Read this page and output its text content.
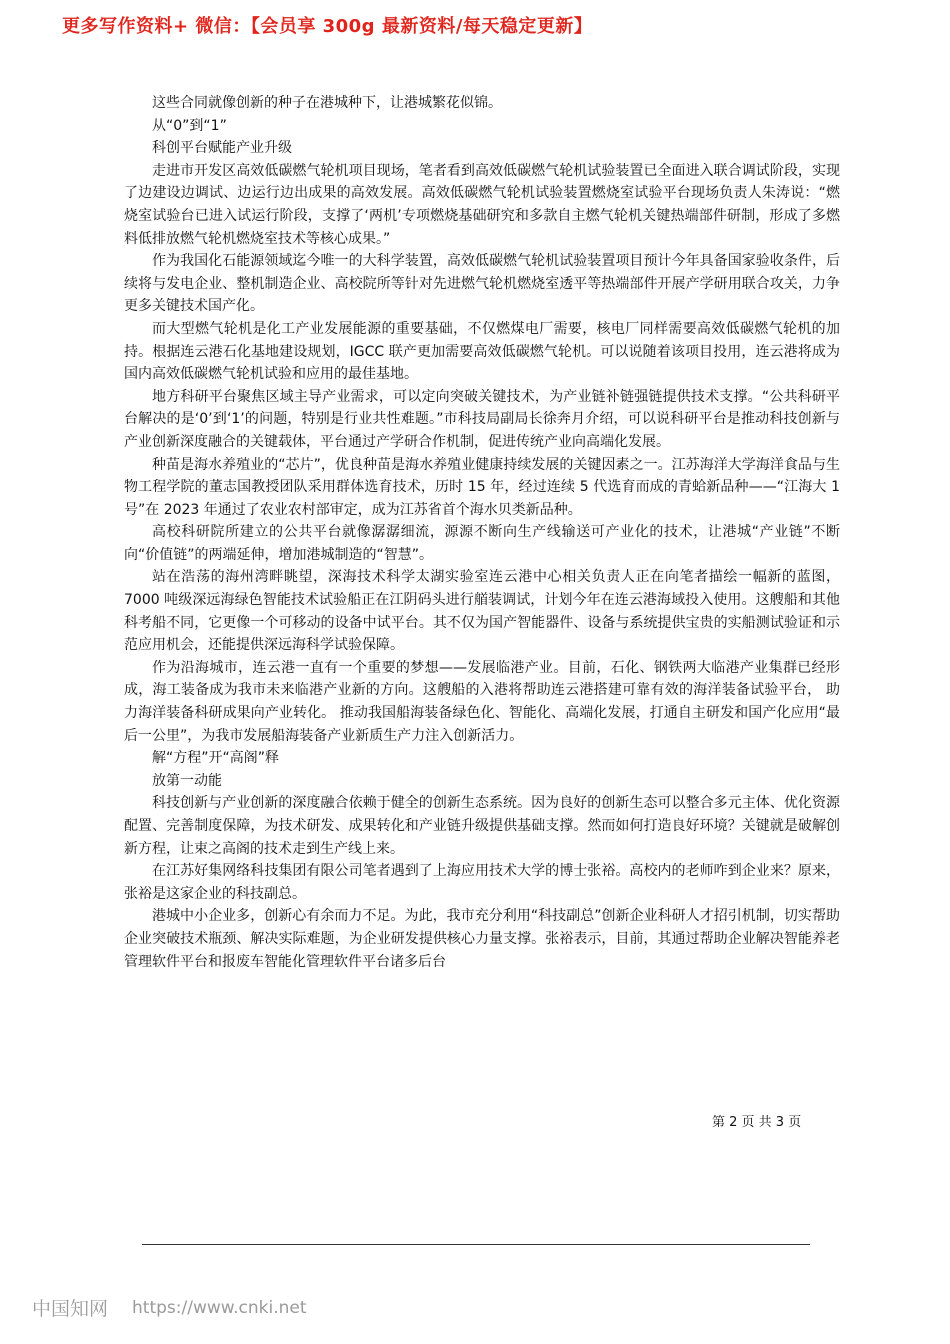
更多写作资料+ 微信：【会员享 300g 最新资料/每天稳定更新】

这些合同就像创新的种子在港城种下，让港城繁花似锦。

从“0”到“1”

科创平台赋能产业升级

走进市开发区高效低碳燃气轮机项目现场，笔者看到高效低碳燃气轮机试验装置已全面进入联合调试阶段，实现了边建设边调试、边运行边出成果的高效发展。高效低碳燃气轮机试验装置燃烧室试验平台现场负责人朱涛说：“燃烧室试验台已进入试运行阶段，支撑了‘两机’专项燃烧基础研究和多款自主燃气轮机关键热端部件研制，形成了多燃料低排放燃气轮机燃烧室技术等核心成果。”

作为我国化石能源领域迄今唯一的大科学装置，高效低碳燃气轮机试验装置项目预计今年具备国家验收条件，后续将与发电企业、整机制造企业、高校院所等针对先进燃气轮机燃烧室透平等热端部件开展产学研用联合攻关，力争更多关键技术国产化。

而大型燃气轮机是化工产业发展能源的重要基础，不仅燃煤电厂需要，核电厂同样需要高效低碳燃气轮机的加持。根据连云港石化基地建设规划，IGCC 联产更加需要高效低碳燃气轮机。可以说随着该项目投用，连云港将成为国内高效低碳燃气轮机试验和应用的最佳基地。

地方科研平台聚焦区域主导产业需求，可以定向突破关键技术，为产业链补链强链提供技术支撑。“公共科研平台解决的是‘0’到‘1’的问题，特别是行业共性难题。”市科技局副局长徐奔月介绍，可以说科研平台是推动科技创新与产业创新深度融合的关键载体，平台通过产学研合作机制，促进传统产业向高端化发展。

种苗是海水养殖业的“芯片”，优良种苗是海水养殖业健康持续发展的关键因素之一。江苏海洋大学海洋食品与生物工程学院的董志国教授团队采用群体选育技术，历时 15 年，经过连续 5 代选育而成的青蛤新品种——“江海大 1 号”在 2023 年通过了农业农村部审定，成为江苏省首个海水贝类新品种。

高校科研院所建立的公共平台就像潺潺细流，源源不断向生产线输送可产业化的技术，让港城“产业链”不断向“价值链”的两端延伸，增加港城制造的“智慧”。

站在浩荡的海州湾畔眺望，深海技术科学太湖实验室连云港中心相关负责人正在向笔者描绘一幅新的蓝图，7000 吨级深远海绿色智能技术试验船正在江阴码头进行艏装调试，计划今年在连云港海域投入使用。这艘船和其他科考船不同，它更像一个可移动的设备中试平台。其不仅为国产智能器件、设备与系统提供宝贵的实船测试验证和示范应用机会，还能提供深远海科学试验保障。

作为沿海城市，连云港一直有一个重要的梦想——发展临港产业。目前，石化、钢铁两大临港产业集群已经形成，海工装备成为我市未来临港产业新的方向。这艘船的入港将帮助连云港搭建可靠有效的海洋装备试验平台， 助力海洋装备科研成果向产业转化。 推动我国船海装备绿色化、智能化、高端化发展，打通自主研发和国产化应用“最后一公里”，为我市发展船海装备产业新质生产力注入创新活力。

解“方程”开“高阁”释

放第一动能

科技创新与产业创新的深度融合依赖于健全的创新生态系统。因为良好的创新生态可以整合多元主体、优化资源配置、完善制度保障，为技术研发、成果转化和产业链升级提供基础支撑。然而如何打造良好环境？关键就是破解创新方程，让束之高阁的技术走到生产线上来。

在江苏好集网络科技集团有限公司笔者遇到了上海应用技术大学的博士张裕。高校内的老师咋到企业来？原来，张裕是这家企业的科技副总。

港城中小企业多，创新心有余而力不足。为此，我市充分利用“科技副总”创新企业科研人才招引机制，切实帮助企业突破技术瓶颈、解决实际难题，为企业研发提供核心力量支撑。张裕表示，目前，其通过帮助企业解决智能养老管理软件平台和报废车智能化管理软件平台诸多后台

第 2 页 共 3 页
中国知网 https://www.cnki.net
